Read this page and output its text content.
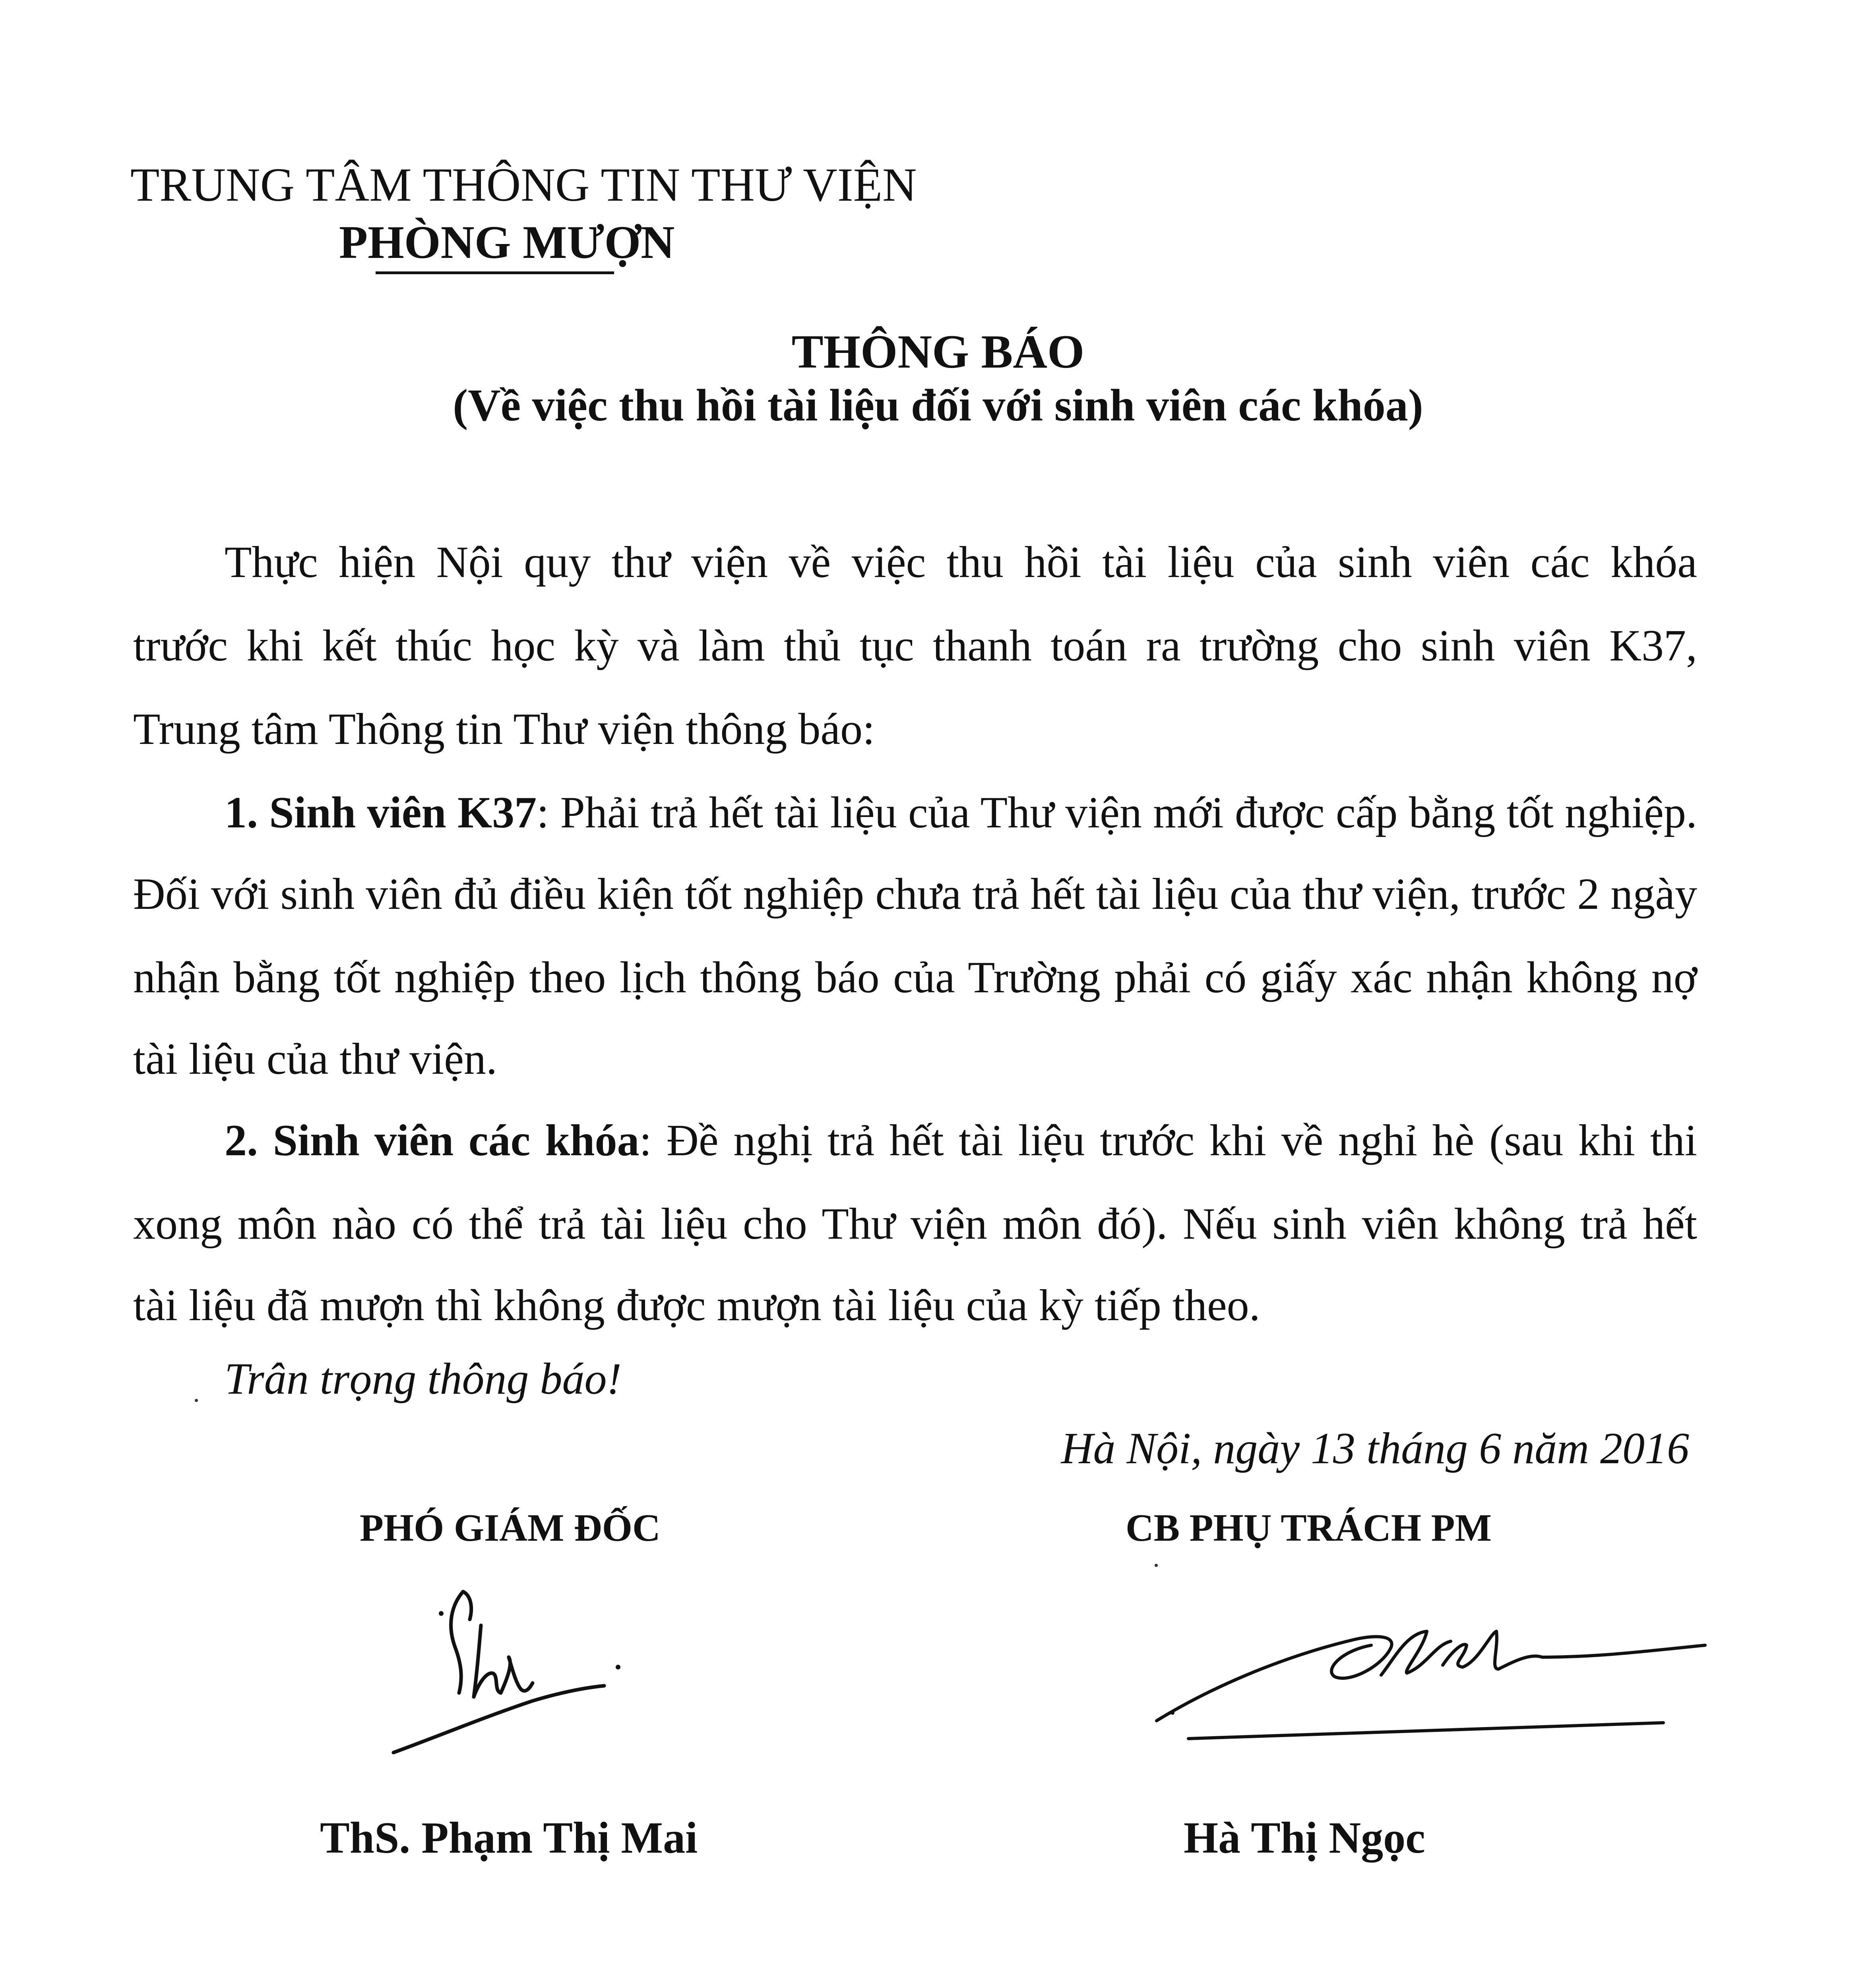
TRUNG TÂM THÔNG TIN THƯ VIỆN
PHÒNG MƯỢN
THÔNG BÁO
(Về việc thu hồi tài liệu đối với sinh viên các khóa)
Thực hiện Nội quy thư viện về việc thu hồi tài liệu của sinh viên các khóa
trước khi kết thúc học kỳ và làm thủ tục thanh toán ra trường cho sinh viên K37,
Trung tâm Thông tin Thư viện thông báo:
1. Sinh viên K37: Phải trả hết tài liệu của Thư viện mới được cấp bằng tốt nghiệp.
Đối với sinh viên đủ điều kiện tốt nghiệp chưa trả hết tài liệu của thư viện, trước 2 ngày
nhận bằng tốt nghiệp theo lịch thông báo của Trường phải có giấy xác nhận không nợ
tài liệu của thư viện.
2. Sinh viên các khóa: Đề nghị trả hết tài liệu trước khi về nghỉ hè (sau khi thi
xong môn nào có thể trả tài liệu cho Thư viện môn đó). Nếu sinh viên không trả hết
tài liệu đã mượn thì không được mượn tài liệu của kỳ tiếp theo.
Trân trọng thông báo!
Hà Nội, ngày 13 tháng 6 năm 2016
PHÓ GIÁM ĐỐC	CB PHỤ TRÁCH PM
ThS. Phạm Thị Mai	Hà Thị Ngọc
